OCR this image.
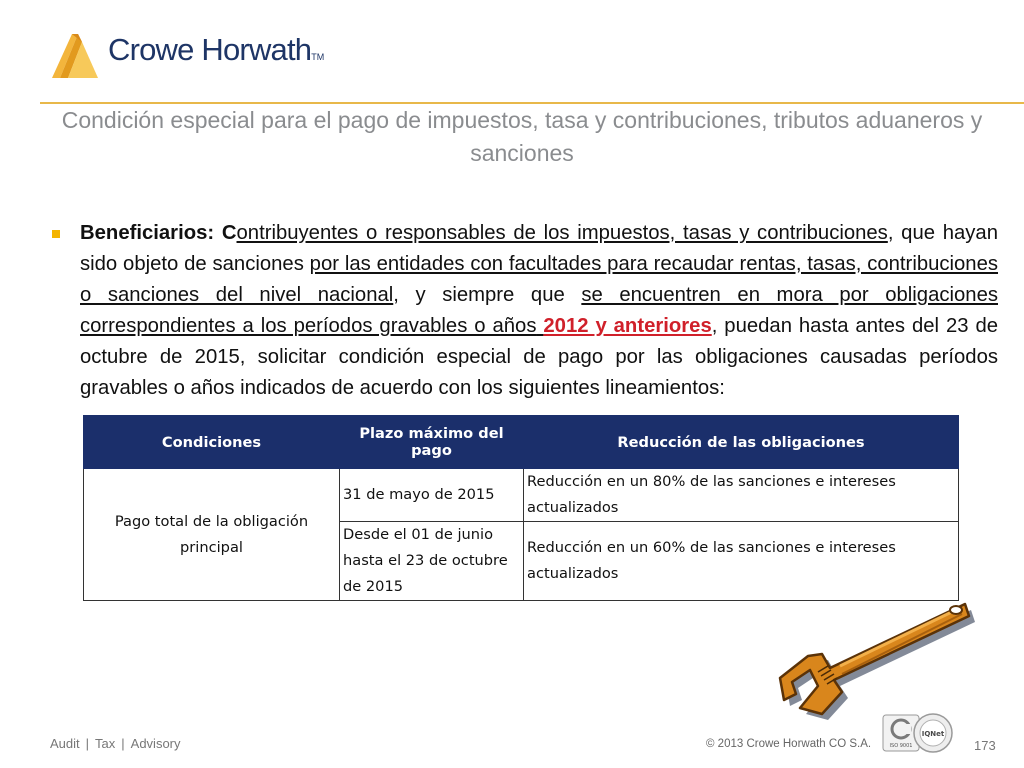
Crowe HorwathTM
Condición especial para el pago de impuestos, tasa y contribuciones, tributos aduaneros y sanciones

Beneficiarios: Contribuyentes o responsables de los impuestos, tasas y contribuciones, que hayan sido objeto de sanciones por las entidades con facultades para recaudar rentas, tasas, contribuciones o sanciones del nivel nacional, y siempre que se encuentren en mora por obligaciones correspondientes a los períodos gravables o años 2012 y anteriores, puedan hasta antes del 23 de octubre de 2015, solicitar condición especial de pago por las obligaciones causadas períodos gravables o años indicados de acuerdo con los siguientes lineamientos:

Condiciones	Plazo máximo del pago	Reducción de las obligaciones
Pago total de la obligación principal	31 de mayo de 2015	Reducción en un 80% de las sanciones e intereses actualizados
	Desde el 01 de junio hasta el 23 de octubre de 2015	Reducción en un 60% de las sanciones e intereses actualizados
Audit | Tax | Advisory	© 2013 Crowe Horwath CO S.A.	ISO 9001
IQNet
173
